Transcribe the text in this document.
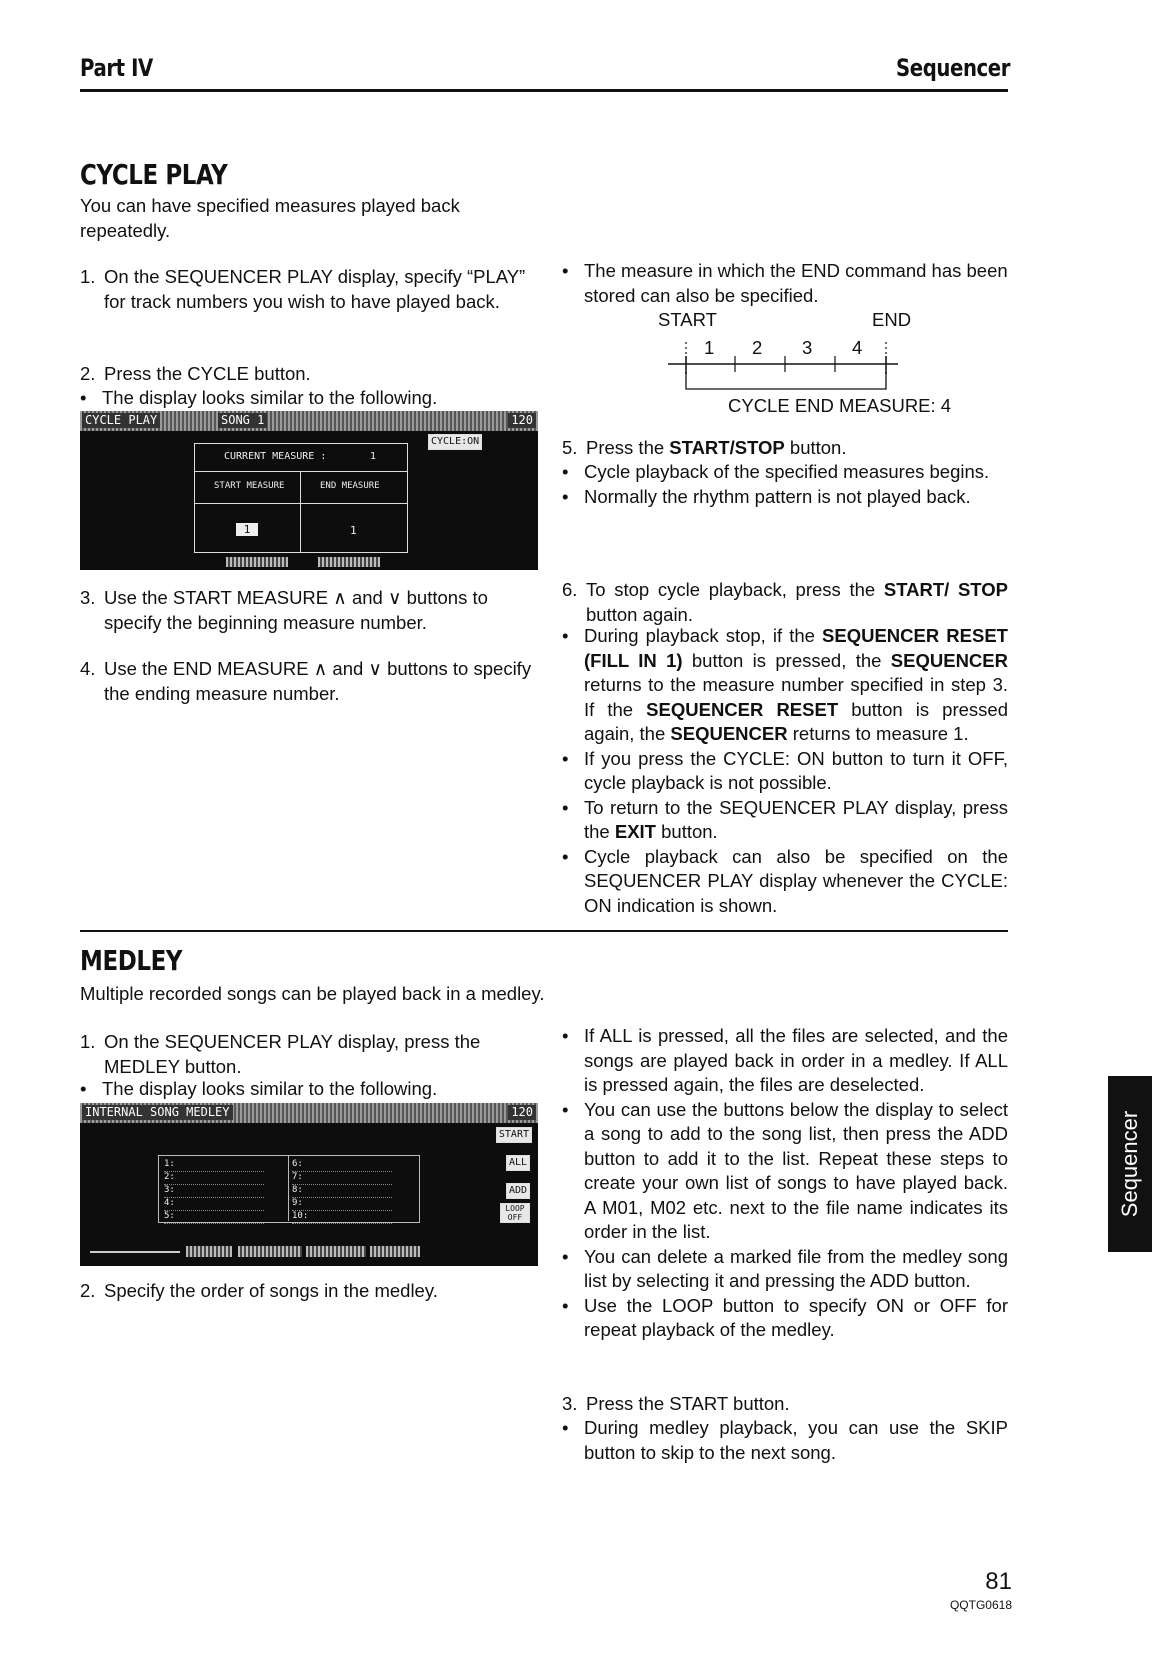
Part IV	Sequencer
CYCLE PLAY
You can have specified measures played back repeatedly.
1. On the SEQUENCER PLAY display, specify “PLAY” for track numbers you wish to have played back.
2. Press the CYCLE button.
• The display looks similar to the following.
CYCLE PLAY	SONG 1	120
CYCLE:ON
CURRENT MEASURE :	1
START MEASURE	END MEASURE
1	1
3. Use the START MEASURE ∧ and ∨ buttons to specify the beginning measure number.
4. Use the END MEASURE ∧ and ∨ buttons to specify the ending measure number.
• The measure in which the END command has been stored can also be specified.
START	END
1 2 3 4
CYCLE END MEASURE: 4
5. Press the START/STOP button.
• Cycle playback of the specified measures begins.
• Normally the rhythm pattern is not played back.
6. To stop cycle playback, press the START/ STOP button again.
• During playback stop, if the SEQUENCER RESET (FILL IN 1) button is pressed, the SEQUENCER returns to the measure number specified in step 3. If the SEQUENCER RESET button is pressed again, the SEQUENCER returns to measure 1.
• If you press the CYCLE: ON button to turn it OFF, cycle playback is not possible.
• To return to the SEQUENCER PLAY display, press the EXIT button.
• Cycle playback can also be specified on the SEQUENCER PLAY display whenever the CYCLE: ON indication is shown.
MEDLEY
Multiple recorded songs can be played back in a medley.
1. On the SEQUENCER PLAY display, press the MEDLEY button.
• The display looks similar to the following.
INTERNAL SONG MEDLEY	120
START
ALL
ADD
LOOP OFF
1:
2:
3:
4:
5:
6:
7:
8:
9:
10:
2. Specify the order of songs in the medley.
• If ALL is pressed, all the files are selected, and the songs are played back in order in a medley. If ALL is pressed again, the files are deselected.
• You can use the buttons below the display to select a song to add to the song list, then press the ADD button to add it to the list. Repeat these steps to create your own list of songs to have played back. A M01, M02 etc. next to the file name indicates its order in the list.
• You can delete a marked file from the medley song list by selecting it and pressing the ADD button.
• Use the LOOP button to specify ON or OFF for repeat playback of the medley.
3. Press the START button.
• During medley playback, you can use the SKIP button to skip to the next song.
Sequencer
81
QQTG0618
